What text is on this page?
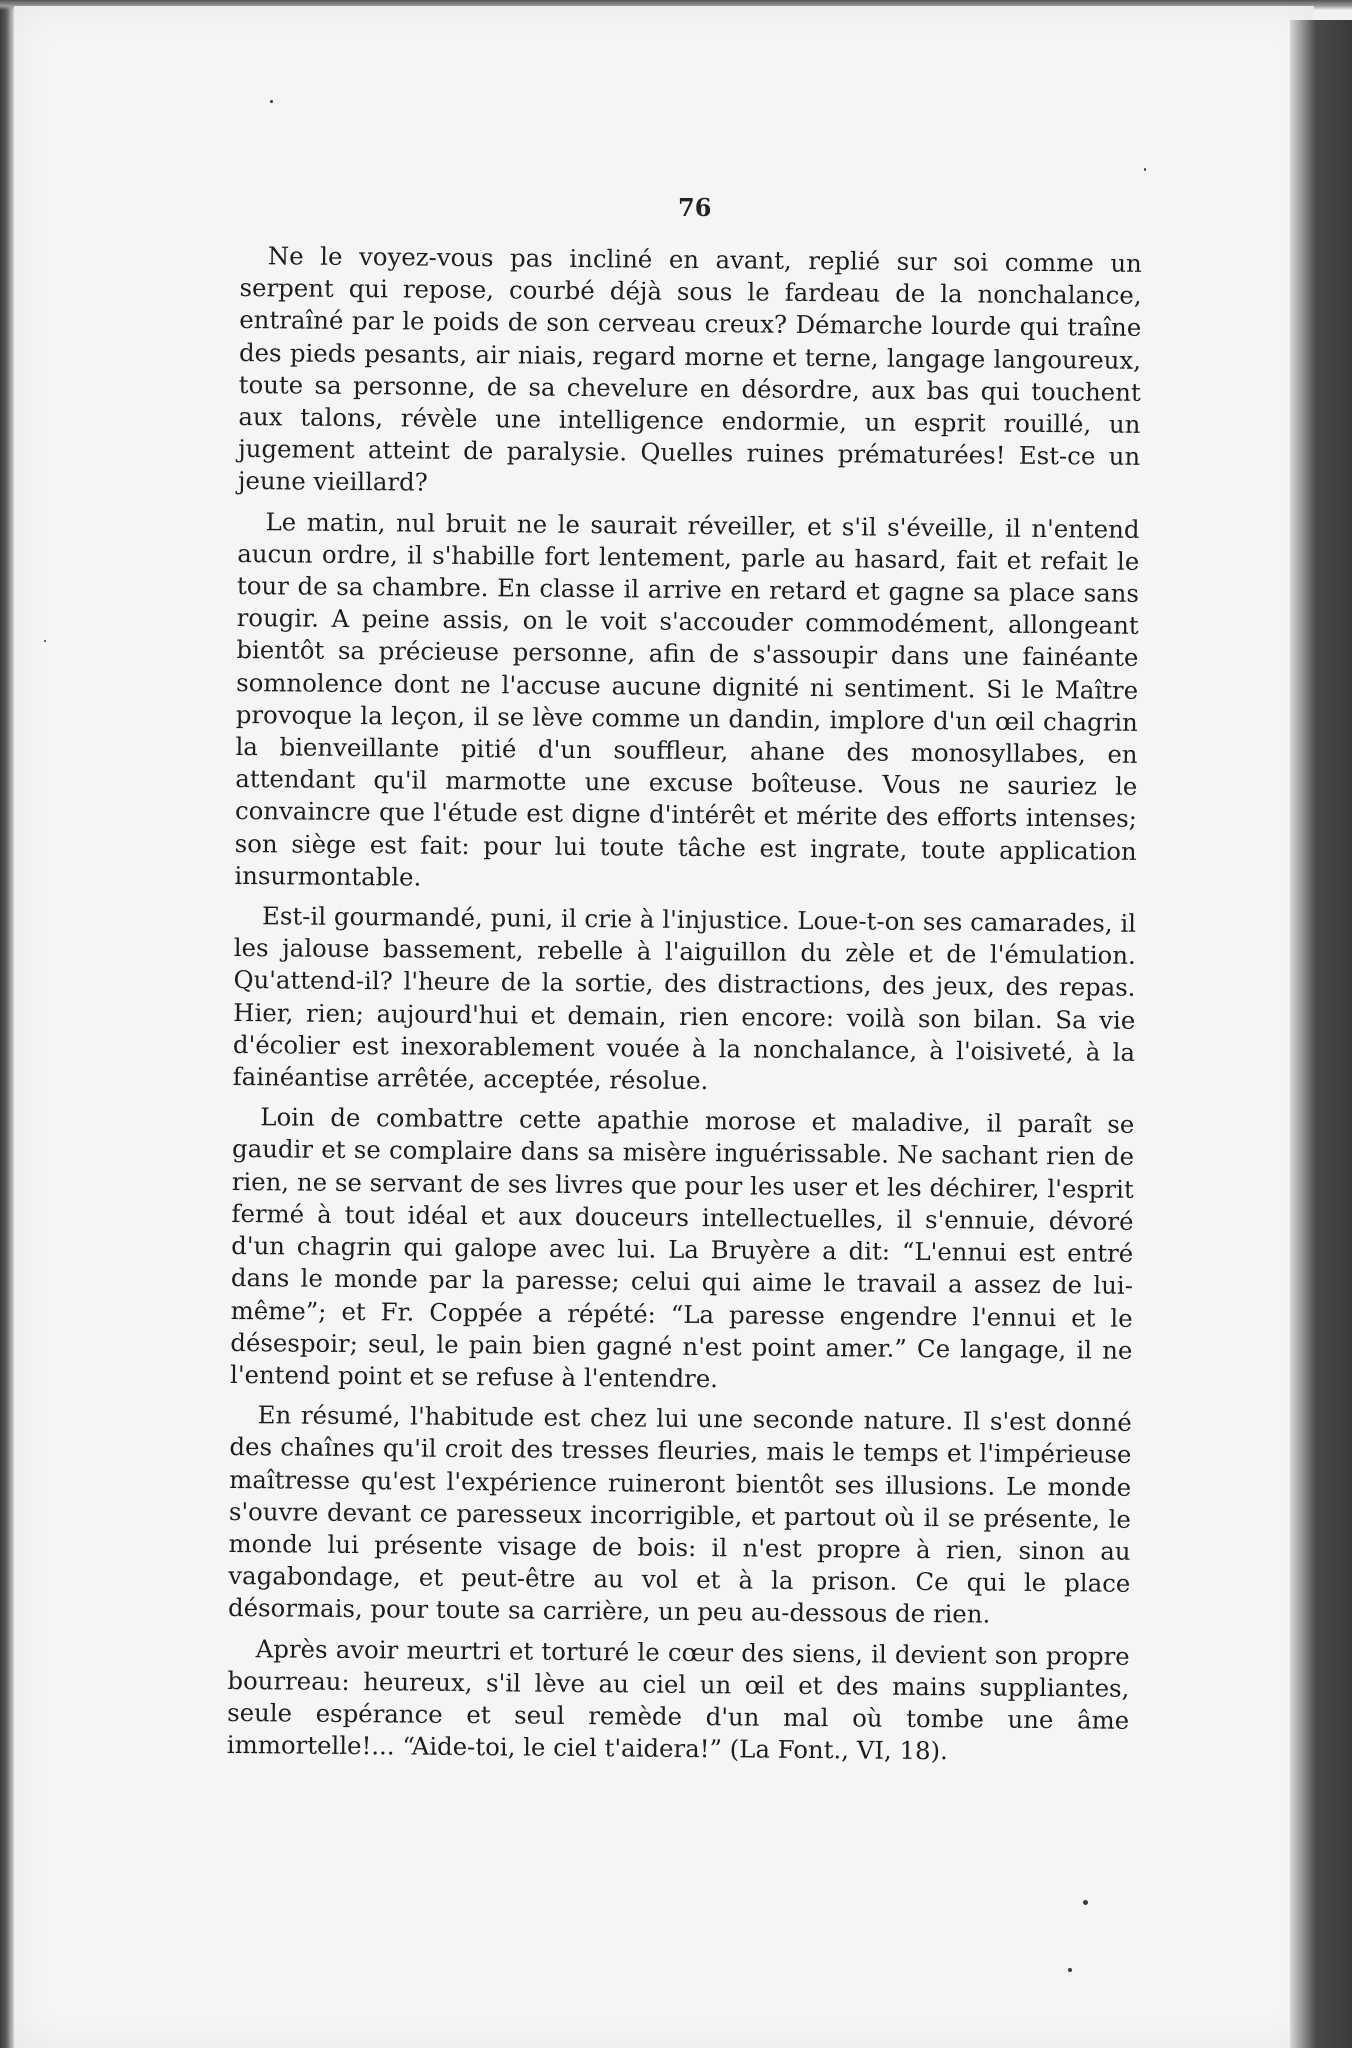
76

Ne le voyez-vous pas incliné en avant, replié sur soi comme un serpent qui repose, courbé déjà sous le fardeau de la nonchalance, entraîné par le poids de son cerveau creux? Démarche lourde qui traîne des pieds pesants, air niais, regard morne et terne, langage langoureux, toute sa personne, de sa chevelure en désordre, aux bas qui touchent aux talons, révèle une intelligence endormie, un esprit rouillé, un jugement atteint de paralysie. Quelles ruines prématurées! Est-ce un jeune vieillard?

Le matin, nul bruit ne le saurait réveiller, et s'il s'éveille, il n'entend aucun ordre, il s'habille fort lentement, parle au hasard, fait et refait le tour de sa chambre. En classe il arrive en retard et gagne sa place sans rougir. A peine assis, on le voit s'accouder commodément, allongeant bientôt sa précieuse personne, afin de s'assoupir dans une fainéante somnolence dont ne l'accuse aucune dignité ni sentiment. Si le Maître provoque la leçon, il se lève comme un dandin, implore d'un œil chagrin la bienveillante pitié d'un souffleur, ahane des monosyllabes, en attendant qu'il marmotte une excuse boîteuse. Vous ne sauriez le convaincre que l'étude est digne d'intérêt et mérite des efforts intenses; son siège est fait: pour lui toute tâche est ingrate, toute application insurmontable.

Est-il gourmandé, puni, il crie à l'injustice. Loue-t-on ses camarades, il les jalouse bassement, rebelle à l'aiguillon du zèle et de l'émulation. Qu'attend-il? l'heure de la sortie, des distractions, des jeux, des repas. Hier, rien; aujourd'hui et demain, rien encore: voilà son bilan. Sa vie d'écolier est inexorablement vouée à la nonchalance, à l'oisiveté, à la fainéantise arrêtée, acceptée, résolue.

Loin de combattre cette apathie morose et maladive, il paraît se gaudir et se complaire dans sa misère inguérissable. Ne sachant rien de rien, ne se servant de ses livres que pour les user et les déchirer, l'esprit fermé à tout idéal et aux douceurs intellectuelles, il s'ennuie, dévoré d'un chagrin qui galope avec lui. La Bruyère a dit: “L'ennui est entré dans le monde par la paresse; celui qui aime le travail a assez de lui-même”; et Fr. Coppée a répété: “La paresse engendre l'ennui et le désespoir; seul, le pain bien gagné n'est point amer.” Ce langage, il ne l'entend point et se refuse à l'entendre.

En résumé, l'habitude est chez lui une seconde nature. Il s'est donné des chaînes qu'il croit des tresses fleuries, mais le temps et l'impérieuse maîtresse qu'est l'expérience ruineront bientôt ses illusions. Le monde s'ouvre devant ce paresseux incorrigible, et partout où il se présente, le monde lui présente visage de bois: il n'est propre à rien, sinon au vagabondage, et peut-être au vol et à la prison. Ce qui le place désormais, pour toute sa carrière, un peu au-dessous de rien.

Après avoir meurtri et torturé le cœur des siens, il devient son propre bourreau: heureux, s'il lève au ciel un œil et des mains suppliantes, seule espérance et seul remède d'un mal où tombe une âme immortelle!... “Aide-toi, le ciel t'aidera!” (La Font., VI, 18).
